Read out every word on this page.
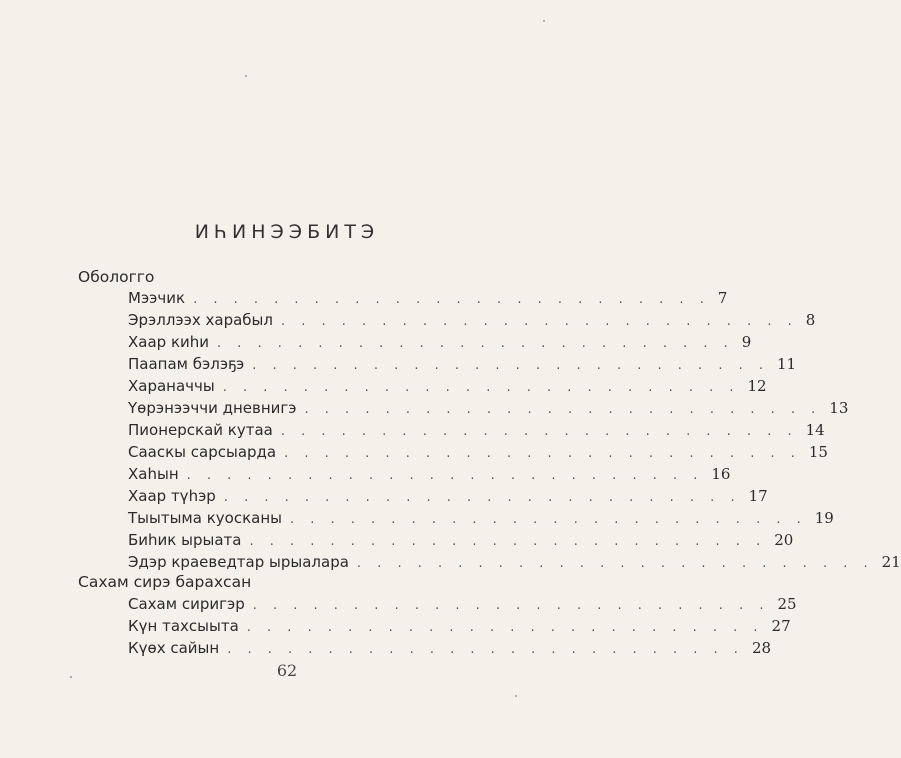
ИҺИНЭЭБИТЭ
Обологго
Мээчик . . . . . . . . . . . . . . . . . . . . . . . . . . 7
Эрэллээх харабыл . . . . . . . . . . . . . . . . . . . . . . . . . . 8
Хаар киһи . . . . . . . . . . . . . . . . . . . . . . . . . . 9
Паапам бэлэҕэ . . . . . . . . . . . . . . . . . . . . . . . . . . 11
Хараначчы . . . . . . . . . . . . . . . . . . . . . . . . . . 12
Үөрэнээччи дневнигэ . . . . . . . . . . . . . . . . . . . . . . . . . . 13
Пионерскай кутаа . . . . . . . . . . . . . . . . . . . . . . . . . . 14
Сааскы сарсыарда . . . . . . . . . . . . . . . . . . . . . . . . . . 15
Хаһын . . . . . . . . . . . . . . . . . . . . . . . . . . 16
Хаар түһэр . . . . . . . . . . . . . . . . . . . . . . . . . . 17
Тыытыма куосканы . . . . . . . . . . . . . . . . . . . . . . . . . . 19
Биһик ырыата . . . . . . . . . . . . . . . . . . . . . . . . . . 20
Эдэр краеведтар ырыалара . . . . . . . . . . . . . . . . . . . . . . . . . . 21
Сахам сирэ барахсан
Сахам сиригэр . . . . . . . . . . . . . . . . . . . . . . . . . . 25
Күн тахсыыта . . . . . . . . . . . . . . . . . . . . . . . . . . 27
Күөх сайын . . . . . . . . . . . . . . . . . . . . . . . . . . 28
62
